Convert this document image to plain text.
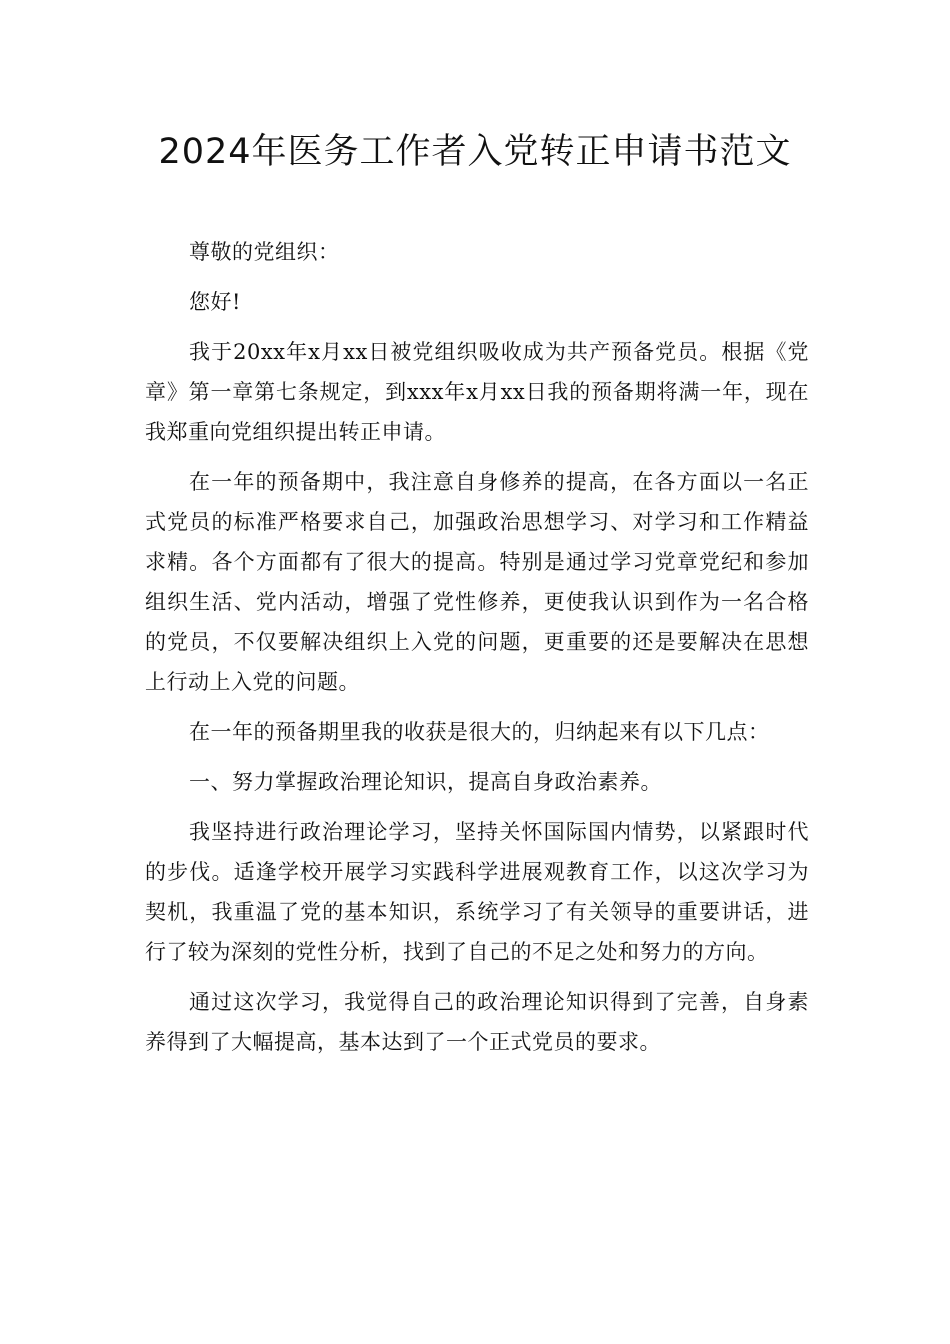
2024年医务工作者入党转正申请书范文

尊敬的党组织：

您好!

我于20xx年x月xx日被党组织吸收成为共产预备党员。根据《党章》第一章第七条规定，到xxx年x月xx日我的预备期将满一年，现在我郑重向党组织提出转正申请。

在一年的预备期中，我注意自身修养的提高，在各方面以一名正式党员的标准严格要求自己，加强政治思想学习、对学习和工作精益求精。各个方面都有了很大的提高。特别是通过学习党章党纪和参加组织生活、党内活动，增强了党性修养，更使我认识到作为一名合格的党员，不仅要解决组织上入党的问题，更重要的还是要解决在思想上行动上入党的问题。

在一年的预备期里我的收获是很大的，归纳起来有以下几点：

一、努力掌握政治理论知识，提高自身政治素养。

我坚持进行政治理论学习，坚持关怀国际国内情势，以紧跟时代的步伐。适逢学校开展学习实践科学进展观教育工作，以这次学习为契机，我重温了党的基本知识，系统学习了有关领导的重要讲话，进行了较为深刻的党性分析，找到了自己的不足之处和努力的方向。

通过这次学习，我觉得自己的政治理论知识得到了完善，自身素养得到了大幅提高，基本达到了一个正式党员的要求。
